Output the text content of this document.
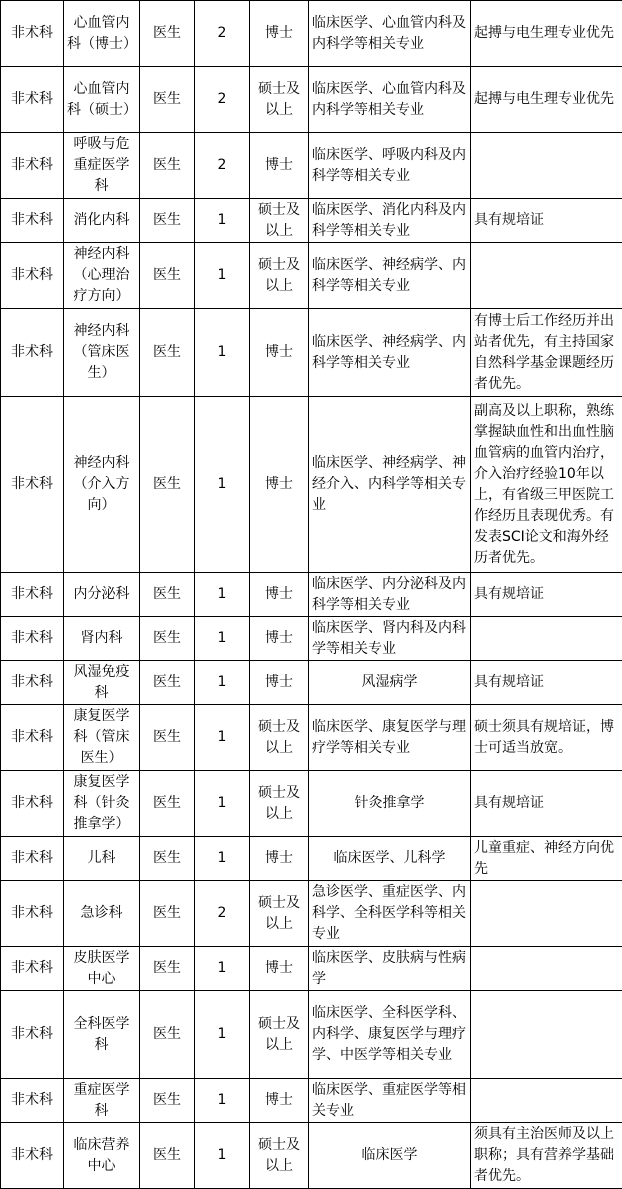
非术科	心血管内科（博士）	医生	2	博士	临床医学、心血管内科及内科学等相关专业	起搏与电生理专业优先
非术科	心血管内科（硕士）	医生	2	硕士及以上	临床医学、心血管内科及内科学等相关专业	起搏与电生理专业优先
非术科	呼吸与危重症医学科	医生	2	博士	临床医学、呼吸内科及内科学等相关专业	
非术科	消化内科	医生	1	硕士及以上	临床医学、消化内科及内科学等相关专业	具有规培证
非术科	神经内科（心理治疗方向）	医生	1	硕士及以上	临床医学、神经病学、内科学等相关专业	
非术科	神经内科（管床医生）	医生	1	博士	临床医学、神经病学、内科学等相关专业	有博士后工作经历并出站者优先，有主持国家自然科学基金课题经历者优先。
非术科	神经内科（介入方向）	医生	1	博士	临床医学、神经病学、神经介入、内科学等相关专业	副高及以上职称，熟练掌握缺血性和出血性脑血管病的血管内治疗，介入治疗经验10年以上，有省级三甲医院工作经历且表现优秀。有发表SCI论文和海外经历者优先。
非术科	内分泌科	医生	1	博士	临床医学、内分泌科及内科学等相关专业	具有规培证
非术科	肾内科	医生	1	博士	临床医学、肾内科及内科学等相关专业	
非术科	风湿免疫科	医生	1	博士	风湿病学	具有规培证
非术科	康复医学科（管床医生）	医生	1	硕士及以上	临床医学、康复医学与理疗学等相关专业	硕士须具有规培证，博士可适当放宽。
非术科	康复医学科（针灸推拿学）	医生	1	硕士及以上	针灸推拿学	具有规培证
非术科	儿科	医生	1	博士	临床医学、儿科学	儿童重症、神经方向优先
非术科	急诊科	医生	2	硕士及以上	急诊医学、重症医学、内科学、全科医学科等相关专业	
非术科	皮肤医学中心	医生	1	博士	临床医学、皮肤病与性病学	
非术科	全科医学科	医生	1	硕士及以上	临床医学、全科医学科、内科学、康复医学与理疗学、中医学等相关专业	
非术科	重症医学科	医生	1	博士	临床医学、重症医学等相关专业	
非术科	临床营养中心	医生	1	硕士及以上	临床医学	须具有主治医师及以上职称；具有营养学基础者优先。
